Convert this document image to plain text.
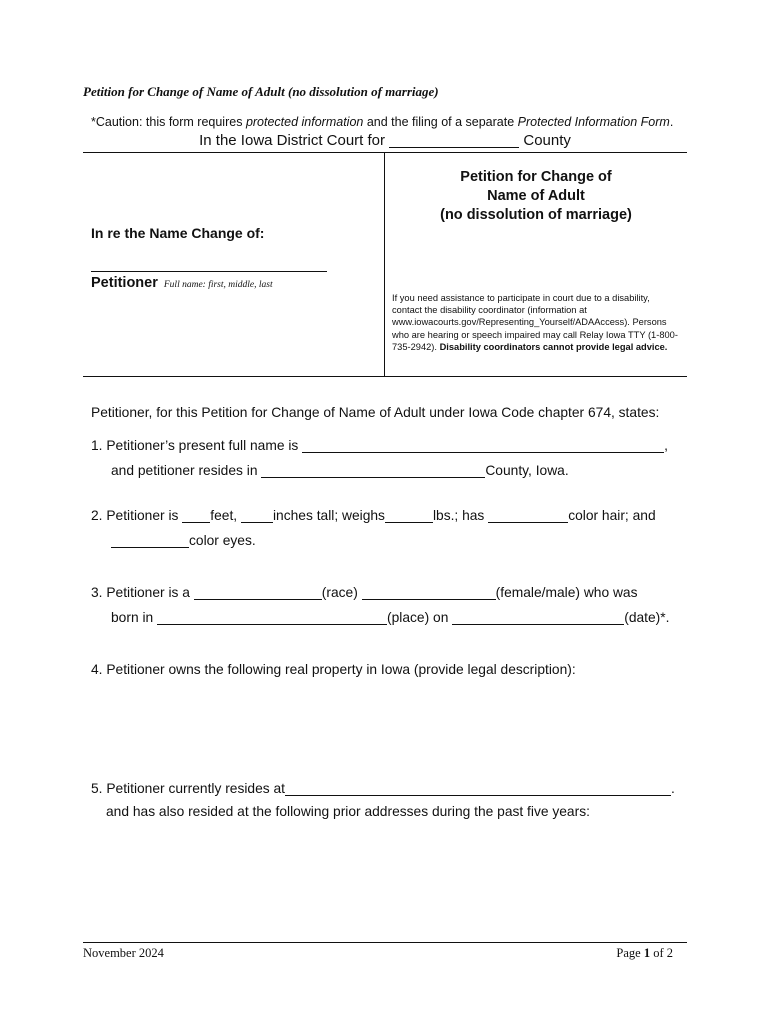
Petition for Change of Name of Adult (no dissolution of marriage)
*Caution: this form requires protected information and the filing of a separate Protected Information Form.
In the Iowa District Court for	County
Petition for Change of
Name of Adult
(no dissolution of marriage)
In re the Name Change of:
Petitioner Full name: first, middle, last
If you need assistance to participate in court due to a disability, contact the disability coordinator (information at www.iowacourts.gov/Representing_Yourself/ADAAccess). Persons who are hearing or speech impaired may call Relay Iowa TTY (1-800-735-2942). Disability coordinators cannot provide legal advice.
Petitioner, for this Petition for Change of Name of Adult under Iowa Code chapter 674, states:
1. Petitioner’s present full name is	,
and petitioner resides in	County, Iowa.
2. Petitioner is feet,	inches tall; weighs	lbs.; has	color hair; and
color eyes.
3. Petitioner is a	(race)	(female/male) who was
born in	(place) on	(date)*.
4. Petitioner owns the following real property in Iowa (provide legal description):
5. Petitioner currently resides at	.
and has also resided at the following prior addresses during the past five years:
November 2024	Page 1 of 2
